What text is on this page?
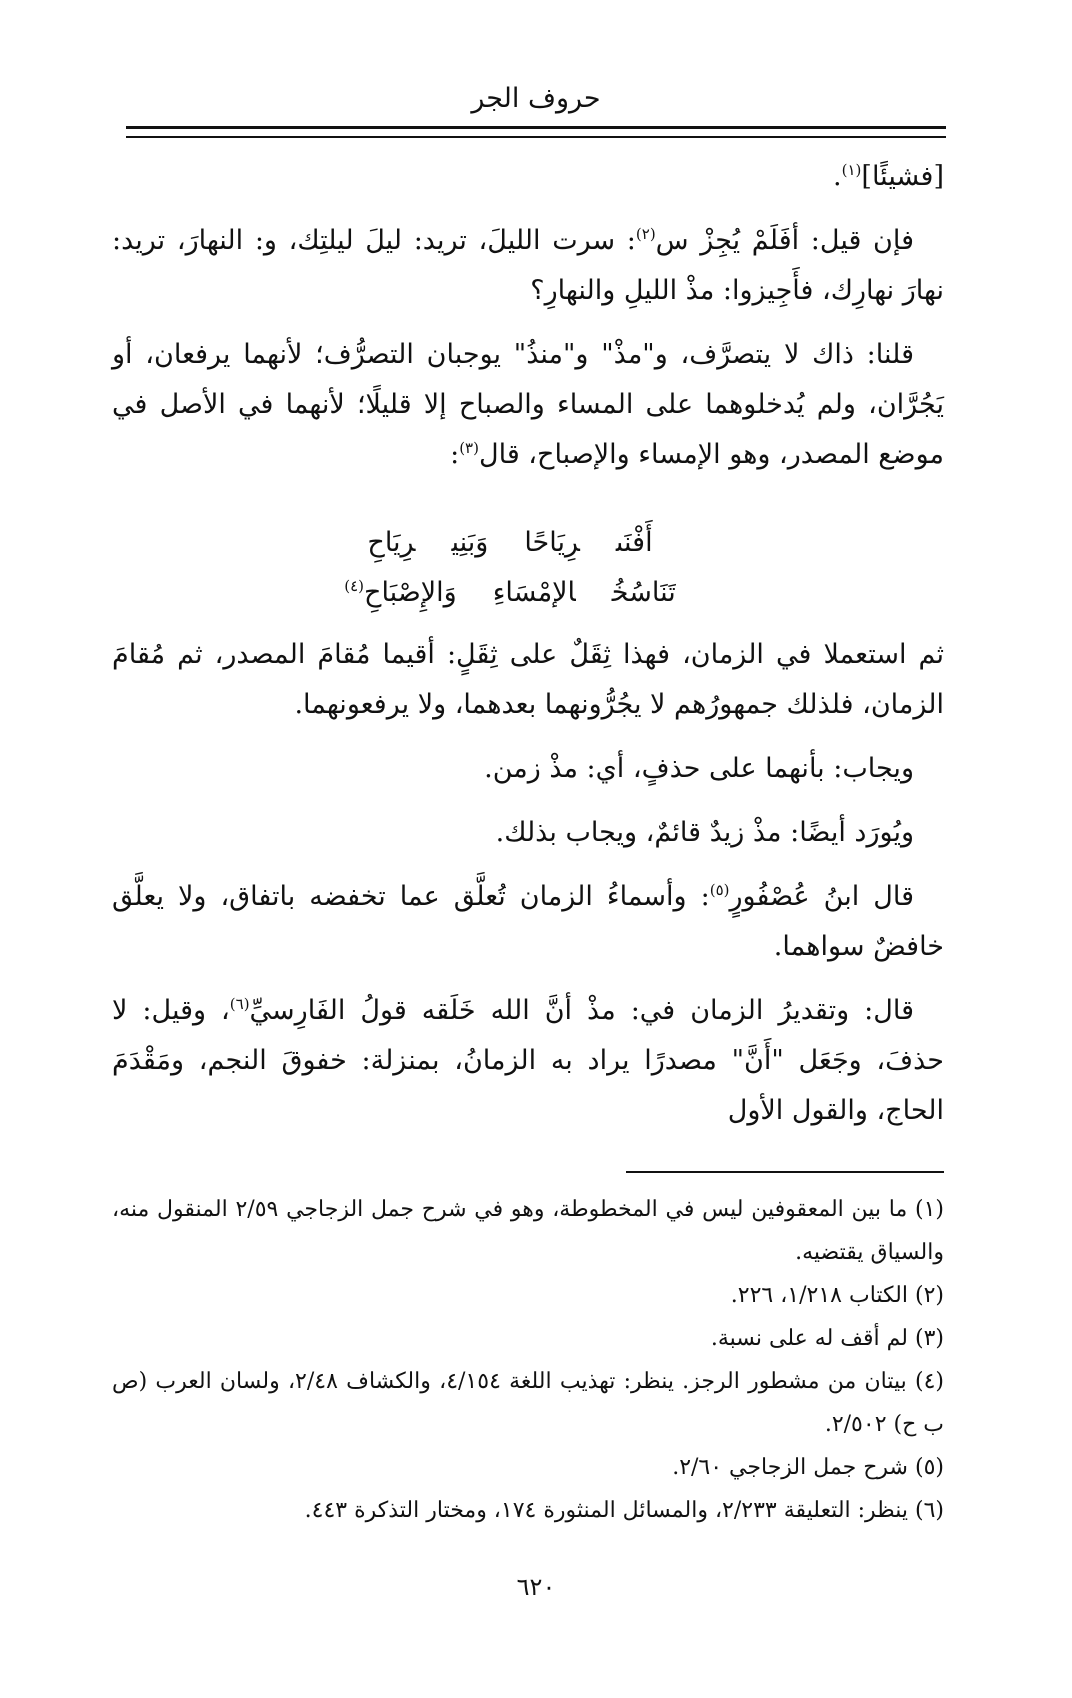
حروف الجر

[فشيئًا]$^{(١)}$.

فإن قيل: أفَلَمْ يُجِزْ س$^{(٢)}$: سرت الليلَ، تريد: ليلَ ليلتِك، و: النهارَ، تريد: نهارَ نهارِك، فأَجِيزوا: مذْ الليلِ والنهارِ؟

قلنا: ذاك لا يتصرَّف، و"مذْ" و"منذُ" يوجبان التصرُّف؛ لأنهما يرفعان، أو يَجُرَّان، ولم يُدخلوهما على المساء والصباح إلا قليلًا؛ لأنهما في الأصل في موضع المصدر، وهو الإمساء والإصباح، قال$^{(٣)}$:

أَفْنَىرِيَاحًاوَبَنِيرِيَاحِ
تَنَاسُخُالإمْسَاءِوَالإِصْبَاحِ$^{(٤)}$

ثم استعملا في الزمان، فهذا ثِقَلٌ على ثِقَلٍ: أقيما مُقامَ المصدر، ثم مُقامَ الزمان، فلذلك جمهورُهم لا يجُرُّونهما بعدهما، ولا يرفعونهما.

ويجاب: بأنهما على حذفٍ، أي: مذْ زمن.

ويُورَد أيضًا: مذْ زيدٌ قائمٌ، ويجاب بذلك.

قال ابنُ عُصْفُورٍ$^{(٥)}$: وأسماءُ الزمان تُعلَّق عما تخفضه باتفاق، ولا يعلَّق خافضٌ سواهما.

قال: وتقديرُ الزمان في: مذْ أنَّ الله خَلَقه قولُ الفَارِسيِّ$^{(٦)}$، وقيل: لا حذفَ، وجَعَل "أَنَّ" مصدرًا يراد به الزمانُ، بمنزلة: خفوقَ النجم، ومَقْدَمَ الحاج، والقول الأول

(١) ما بين المعقوفين ليس في المخطوطة، وهو في شرح جمل الزجاجي ٢/٥٩ المنقول منه، والسياق يقتضيه.

(٢) الكتاب ١/٢١٨، ٢٢٦.

(٣) لم أقف له على نسبة.

(٤) بيتان من مشطور الرجز. ينظر: تهذيب اللغة ٤/١٥٤، والكشاف ٢/٤٨، ولسان العرب (ص ب ح) ٢/٥٠٢.

(٥) شرح جمل الزجاجي ٢/٦٠.

(٦) ينظر: التعليقة ٢/٢٣٣، والمسائل المنثورة ١٧٤، ومختار التذكرة ٤٤٣.

٦٢٠
